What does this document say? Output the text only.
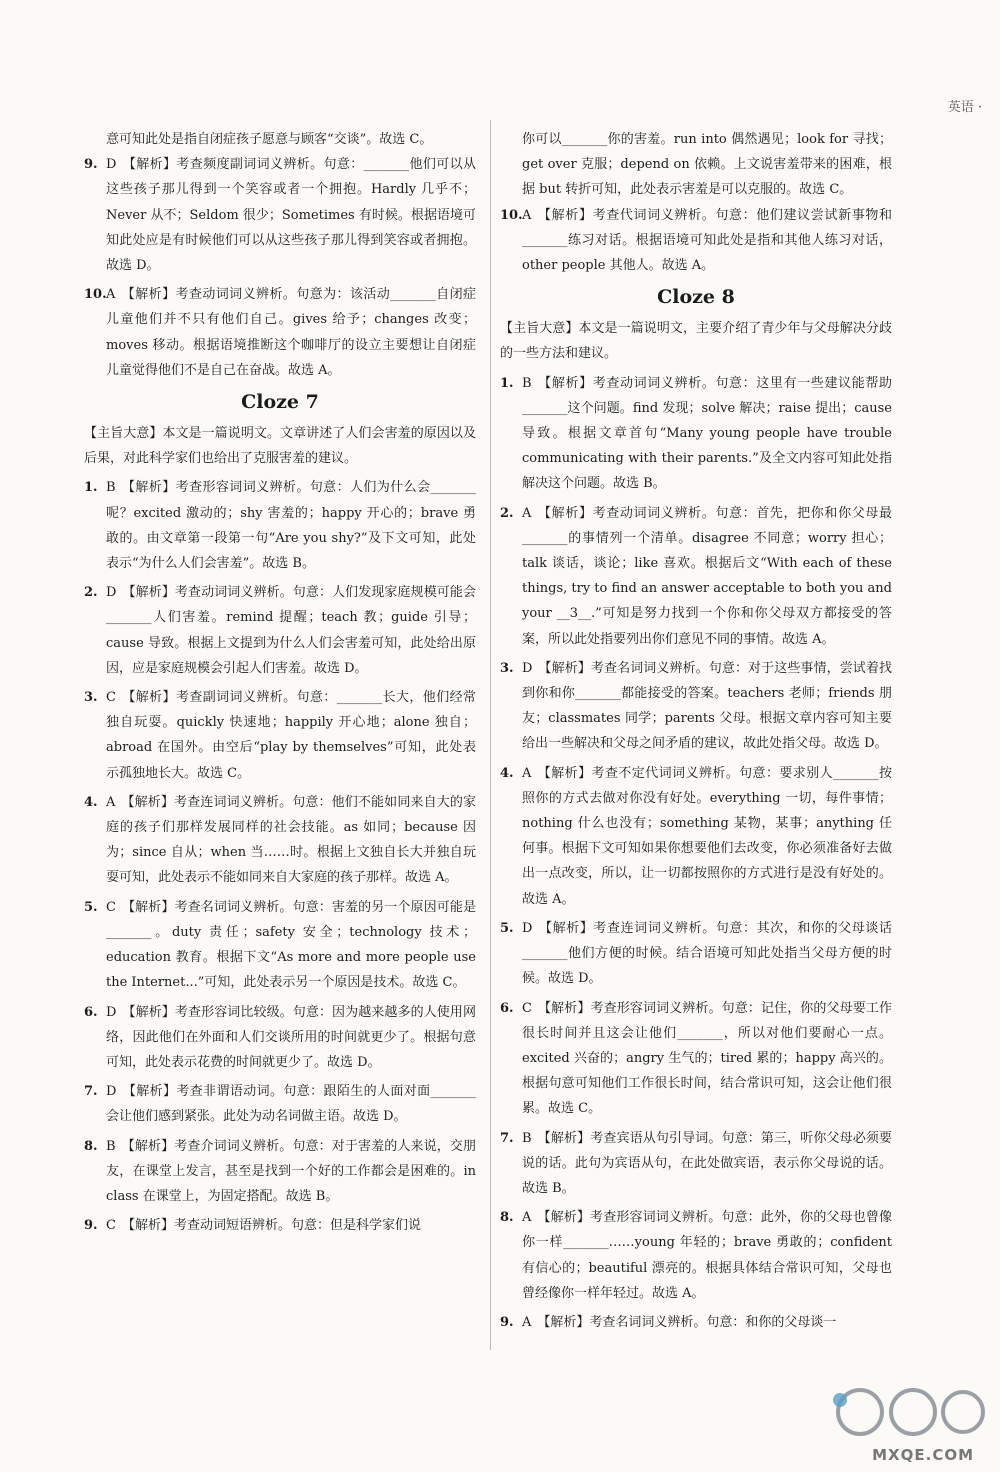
英语 ·

意可知此处是指自闭症孩子愿意与顾客“交谈”。故选 C。

9. D 【解析】考查频度副词词义辨析。句意：_______他们可以从这些孩子那儿得到一个笑容或者一个拥抱。Hardly 几乎不；Never 从不；Seldom 很少；Sometimes 有时候。根据语境可知此处应是有时候他们可以从这些孩子那儿得到笑容或者拥抱。故选 D。
10. A 【解析】考查动词词义辨析。句意为：该活动_______自闭症儿童他们并不只有他们自己。gives 给予；changes 改变；moves 移动。根据语境推断这个咖啡厅的设立主要想让自闭症儿童觉得他们不是自己在奋战。故选 A。
Cloze 7

【主旨大意】本文是一篇说明文。文章讲述了人们会害羞的原因以及后果，对此科学家们也给出了克服害羞的建议。

1. B 【解析】考查形容词词义辨析。句意：人们为什么会_______呢？excited 激动的；shy 害羞的；happy 开心的；brave 勇敢的。由文章第一段第一句“Are you shy?”及下文可知，此处表示“为什么人们会害羞”。故选 B。
2. D 【解析】考查动词词义辨析。句意：人们发现家庭规模可能会_______人们害羞。remind 提醒；teach 教；guide 引导；cause 导致。根据上文提到为什么人们会害羞可知，此处给出原因，应是家庭规模会引起人们害羞。故选 D。
3. C 【解析】考查副词词义辨析。句意：_______长大，他们经常独自玩耍。quickly 快速地；happily 开心地；alone 独自；abroad 在国外。由空后“play by themselves”可知，此处表示孤独地长大。故选 C。
4. A 【解析】考查连词词义辨析。句意：他们不能如同来自大的家庭的孩子们那样发展同样的社会技能。as 如同；because 因为；since 自从；when 当……时。根据上文独自长大并独自玩耍可知，此处表示不能如同来自大家庭的孩子那样。故选 A。
5. C 【解析】考查名词词义辨析。句意：害羞的另一个原因可能是_______。duty 责任；safety 安全；technology 技术；education 教育。根据下文“As more and more people use the Internet...”可知，此处表示另一个原因是技术。故选 C。
6. D 【解析】考查形容词比较级。句意：因为越来越多的人使用网络，因此他们在外面和人们交谈所用的时间就更少了。根据句意可知，此处表示花费的时间就更少了。故选 D。
7. D 【解析】考查非谓语动词。句意：跟陌生的人面对面_______会让他们感到紧张。此处为动名词做主语。故选 D。
8. B 【解析】考查介词词义辨析。句意：对于害羞的人来说，交朋友，在课堂上发言，甚至是找到一个好的工作都会是困难的。in class 在课堂上，为固定搭配。故选 B。
9. C 【解析】考查动词短语辨析。句意：但是科学家们说

你可以_______你的害羞。run into 偶然遇见；look for 寻找；get over 克服；depend on 依赖。上文说害羞带来的困难，根据 but 转折可知，此处表示害羞是可以克服的。故选 C。

10. A 【解析】考查代词词义辨析。句意：他们建议尝试新事物和_______练习对话。根据语境可知此处是指和其他人练习对话，other people 其他人。故选 A。
Cloze 8

【主旨大意】本文是一篇说明文，主要介绍了青少年与父母解决分歧的一些方法和建议。

1. B 【解析】考查动词词义辨析。句意：这里有一些建议能帮助_______这个问题。find 发现；solve 解决；raise 提出；cause 导致。根据文章首句“Many young people have trouble communicating with their parents.”及全文内容可知此处指解决这个问题。故选 B。
2. A 【解析】考查动词词义辨析。句意：首先，把你和你父母最_______的事情列一个清单。disagree 不同意；worry 担心；talk 谈话，谈论；like 喜欢。根据后文“With each of these things, try to find an answer acceptable to both you and your __3__.”可知是努力找到一个你和你父母双方都接受的答案，所以此处指要列出你们意见不同的事情。故选 A。
3. D 【解析】考查名词词义辨析。句意：对于这些事情，尝试着找到你和你_______都能接受的答案。teachers 老师；friends 朋友；classmates 同学；parents 父母。根据文章内容可知主要给出一些解决和父母之间矛盾的建议，故此处指父母。故选 D。
4. A 【解析】考查不定代词词义辨析。句意：要求别人_______按照你的方式去做对你没有好处。everything 一切，每件事情；nothing 什么也没有；something 某物，某事；anything 任何事。根据下文可知如果你想要他们去改变，你必须准备好去做出一点改变，所以，让一切都按照你的方式进行是没有好处的。故选 A。
5. D 【解析】考查连词词义辨析。句意：其次，和你的父母谈话_______他们方便的时候。结合语境可知此处指当父母方便的时候。故选 D。
6. C 【解析】考查形容词词义辨析。句意：记住，你的父母要工作很长时间并且这会让他们_______，所以对他们要耐心一点。excited 兴奋的；angry 生气的；tired 累的；happy 高兴的。根据句意可知他们工作很长时间，结合常识可知，这会让他们很累。故选 C。
7. B 【解析】考查宾语从句引导词。句意：第三，听你父母必须要说的话。此句为宾语从句，在此处做宾语，表示你父母说的话。故选 B。
8. A 【解析】考查形容词词义辨析。句意：此外，你的父母也曾像你一样_______……young 年轻的；brave 勇敢的；confident 有信心的；beautiful 漂亮的。根据具体结合常识可知，父母也曾经像你一样年轻过。故选 A。
9. A 【解析】考查名词词义辨析。句意：和你的父母谈一
MXQE.COM
